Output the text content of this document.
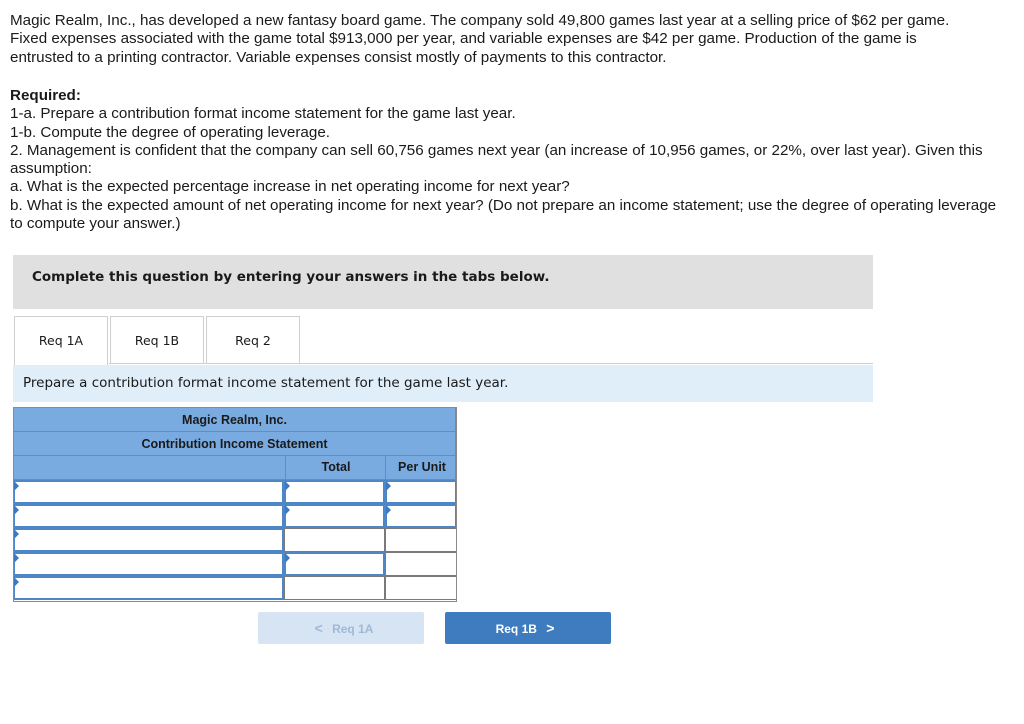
Magic Realm, Inc., has developed a new fantasy board game. The company sold 49,800 games last year at a selling price of $62 per game. Fixed expenses associated with the game total $913,000 per year, and variable expenses are $42 per game. Production of the game is entrusted to a printing contractor. Variable expenses consist mostly of payments to this contractor.

Required:
1-a. Prepare a contribution format income statement for the game last year.
1-b. Compute the degree of operating leverage.
2. Management is confident that the company can sell 60,756 games next year (an increase of 10,956 games, or 22%, over last year). Given this assumption:
a. What is the expected percentage increase in net operating income for next year?
b. What is the expected amount of net operating income for next year? (Do not prepare an income statement; use the degree of operating leverage to compute your answer.)
Complete this question by entering your answers in the tabs below.
Req 1A	Req 1B	Req 2
Prepare a contribution format income statement for the game last year.
Magic Realm, Inc.
Contribution Income Statement
Total	Per Unit
< Req 1A	Req 1B >
